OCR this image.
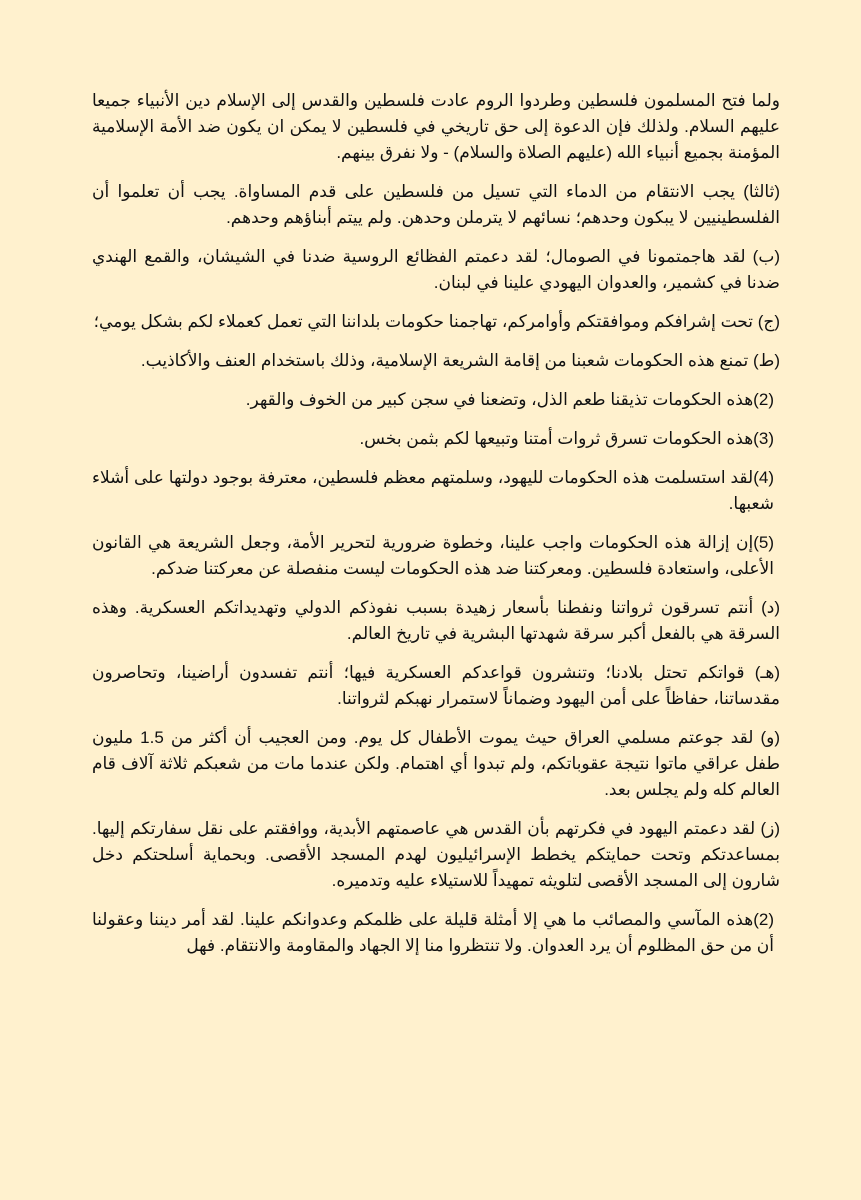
ولما فتح المسلمون فلسطين وطردوا الروم عادت فلسطين والقدس إلى الإسلام دين الأنبياء جميعا عليهم السلام. ولذلك فإن الدعوة إلى حق تاريخي في فلسطين لا يمكن ان يكون ضد الأمة الإسلامية المؤمنة بجميع أنبياء الله (عليهم الصلاة والسلام) - ولا نفرق بينهم.

(ثالثا) يجب الانتقام من الدماء التي تسيل من فلسطين على قدم المساواة. يجب أن تعلموا أن الفلسطينيين لا يبكون وحدهم؛ نسائهم لا يترملن وحدهن. ولم ييتم أبناؤهم وحدهم.

(ب) لقد هاجمتمونا في الصومال؛ لقد دعمتم الفظائع الروسية ضدنا في الشيشان، والقمع الهندي ضدنا في كشمير، والعدوان اليهودي علينا في لبنان.

(ج) تحت إشرافكم وموافقتكم وأوامركم، تهاجمنا حكومات بلداننا التي تعمل كعملاء لكم بشكل يومي؛

(ط) تمنع هذه الحكومات شعبنا من إقامة الشريعة الإسلامية، وذلك باستخدام العنف والأكاذيب.

(2)هذه الحكومات تذيقنا طعم الذل، وتضعنا في سجن كبير من الخوف والقهر.

(3)هذه الحكومات تسرق ثروات أمتنا وتبيعها لكم بثمن بخس.

(4)لقد استسلمت هذه الحكومات لليهود، وسلمتهم معظم فلسطين، معترفة بوجود دولتها على أشلاء شعبها.

(5)إن إزالة هذه الحكومات واجب علينا، وخطوة ضرورية لتحرير الأمة، وجعل الشريعة هي القانون الأعلى، واستعادة فلسطين. ومعركتنا ضد هذه الحكومات ليست منفصلة عن معركتنا ضدكم.

(د) أنتم تسرقون ثرواتنا ونفطنا بأسعار زهيدة بسبب نفوذكم الدولي وتهديداتكم العسكرية. وهذه السرقة هي بالفعل أكبر سرقة شهدتها البشرية في تاريخ العالم.

(هـ) قواتكم تحتل بلادنا؛ وتنشرون قواعدكم العسكرية فيها؛ أنتم تفسدون أراضينا، وتحاصرون مقدساتنا، حفاظاً على أمن اليهود وضماناً لاستمرار نهبكم لثرواتنا.

(و) لقد جوعتم مسلمي العراق حيث يموت الأطفال كل يوم. ومن العجيب أن أكثر من 1.5 مليون طفل عراقي ماتوا نتيجة عقوباتكم، ولم تبدوا أي اهتمام. ولكن عندما مات من شعبكم ثلاثة آلاف قام العالم كله ولم يجلس بعد.

(ز) لقد دعمتم اليهود في فكرتهم بأن القدس هي عاصمتهم الأبدية، ووافقتم على نقل سفارتكم إليها. بمساعدتكم وتحت حمايتكم يخطط الإسرائيليون لهدم المسجد الأقصى. وبحماية أسلحتكم دخل شارون إلى المسجد الأقصى لتلويثه تمهيداً للاستيلاء عليه وتدميره.

(2)هذه المآسي والمصائب ما هي إلا أمثلة قليلة على ظلمكم وعدوانكم علينا. لقد أمر ديننا وعقولنا أن من حق المظلوم أن يرد العدوان. ولا تنتظروا منا إلا الجهاد والمقاومة والانتقام. فهل
